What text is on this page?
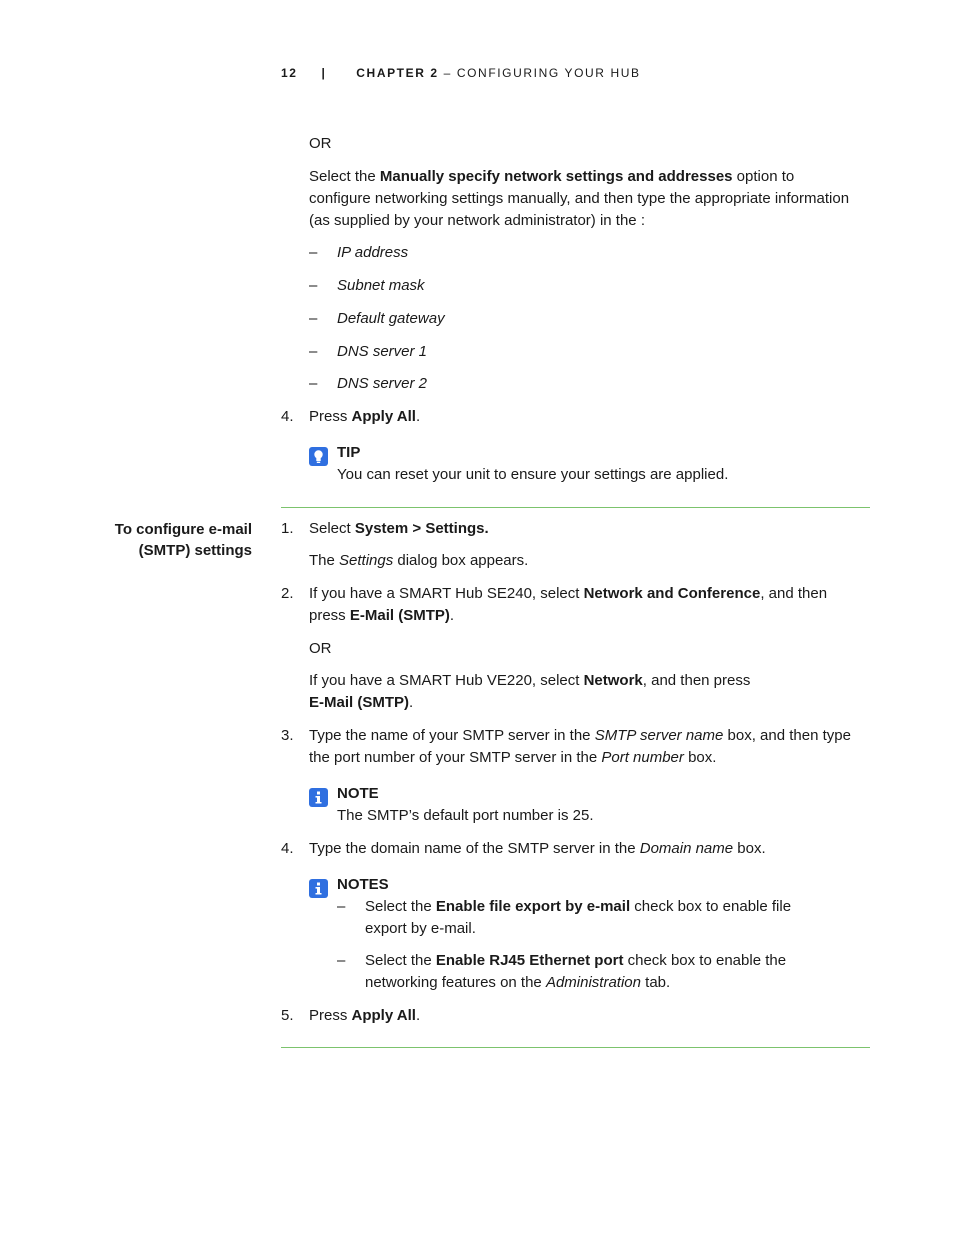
12 | CHAPTER 2 – CONFIGURING YOUR HUB
OR
Select the Manually specify network settings and addresses option to
configure networking settings manually, and then type the appropriate information
(as supplied by your network administrator) in the :
– IP address
– Subnet mask
– Default gateway
– DNS server 1
– DNS server 2
4. Press Apply All.
TIP
You can reset your unit to ensure your settings are applied.
To configure e-mail
(SMTP) settings
1. Select System > Settings.
The Settings dialog box appears.
2. If you have a SMART Hub SE240, select Network and Conference, and then
press E-Mail (SMTP).
OR
If you have a SMART Hub VE220, select Network, and then press
E-Mail (SMTP).
3. Type the name of your SMTP server in the SMTP server name box, and then type
the port number of your SMTP server in the Port number box.
NOTE
The SMTP’s default port number is 25.
4. Type the domain name of the SMTP server in the Domain name box.
NOTES
– Select the Enable file export by e-mail check box to enable file
export by e-mail.
– Select the Enable RJ45 Ethernet port check box to enable the
networking features on the Administration tab.
5. Press Apply All.
